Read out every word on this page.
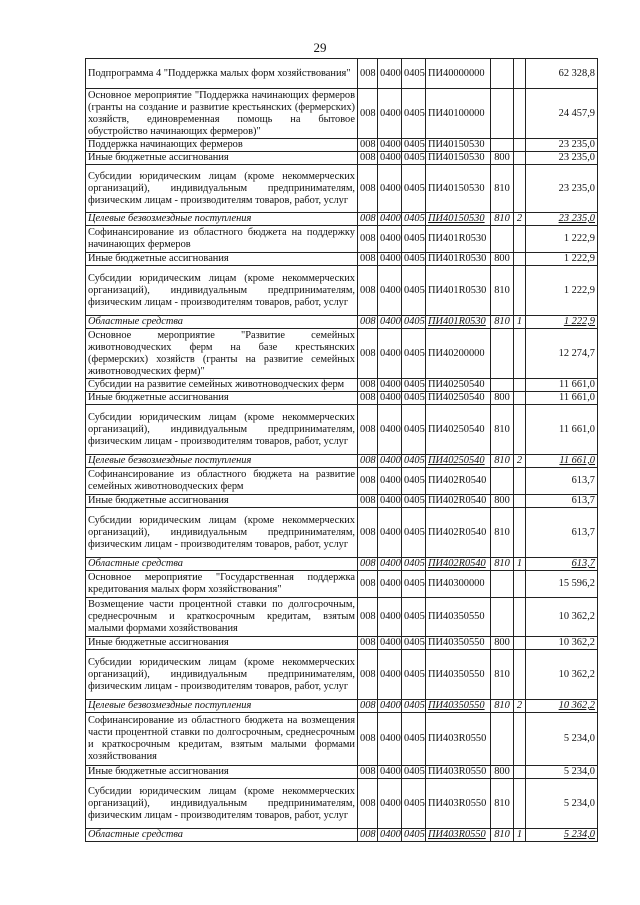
29
Подпрограмма 4 "Поддержка малых форм хозяйствования"	008	0400	0405	ПИ40000000			62 328,8
Основное мероприятие "Поддержка начинающих фермеров (гранты на создание и развитие крестьянских (фермерских) хозяйств, единовременная помощь на бытовое обустройство начинающих фермеров)"	008	0400	0405	ПИ40100000			24 457,9
Поддержка начинающих фермеров	008	0400	0405	ПИ40150530			23 235,0
Иные бюджетные ассигнования	008	0400	0405	ПИ40150530	800		23 235,0
Субсидии юридическим лицам (кроме некоммерческих организаций), индивидуальным предпринимателям, физическим лицам - производителям товаров, работ, услуг	008	0400	0405	ПИ40150530	810		23 235,0
Целевые безвозмездные поступления	008	0400	0405	ПИ40150530	810	2	23 235,0
Софинансирование из областного бюджета на поддержку начинающих фермеров	008	0400	0405	ПИ401R0530			1 222,9
Иные бюджетные ассигнования	008	0400	0405	ПИ401R0530	800		1 222,9
Субсидии юридическим лицам (кроме некоммерческих организаций), индивидуальным предпринимателям, физическим лицам - производителям товаров, работ, услуг	008	0400	0405	ПИ401R0530	810		1 222,9
Областные средства	008	0400	0405	ПИ401R0530	810	1	1 222,9
Основное мероприятие "Развитие семейных животноводческих ферм на базе крестьянских (фермерских) хозяйств (гранты на развитие семейных животноводческих ферм)"	008	0400	0405	ПИ40200000			12 274,7
Субсидии на развитие семейных животноводческих ферм	008	0400	0405	ПИ40250540			11 661,0
Иные бюджетные ассигнования	008	0400	0405	ПИ40250540	800		11 661,0
Субсидии юридическим лицам (кроме некоммерческих организаций), индивидуальным предпринимателям, физическим лицам - производителям товаров, работ, услуг	008	0400	0405	ПИ40250540	810		11 661,0
Целевые безвозмездные поступления	008	0400	0405	ПИ40250540	810	2	11 661,0
Софинансирование из областного бюджета на развитие семейных животноводческих ферм	008	0400	0405	ПИ402R0540			613,7
Иные бюджетные ассигнования	008	0400	0405	ПИ402R0540	800		613,7
Субсидии юридическим лицам (кроме некоммерческих организаций), индивидуальным предпринимателям, физическим лицам - производителям товаров, работ, услуг	008	0400	0405	ПИ402R0540	810		613,7
Областные средства	008	0400	0405	ПИ402R0540	810	1	613,7
Основное мероприятие "Государственная поддержка кредитования малых форм хозяйствования"	008	0400	0405	ПИ40300000			15 596,2
Возмещение части процентной ставки по долгосрочным, среднесрочным и краткосрочным кредитам, взятым малыми формами хозяйствования	008	0400	0405	ПИ40350550			10 362,2
Иные бюджетные ассигнования	008	0400	0405	ПИ40350550	800		10 362,2
Субсидии юридическим лицам (кроме некоммерческих организаций), индивидуальным предпринимателям, физическим лицам - производителям товаров, работ, услуг	008	0400	0405	ПИ40350550	810		10 362,2
Целевые безвозмездные поступления	008	0400	0405	ПИ40350550	810	2	10 362,2
Софинансирование из областного бюджета на возмещения части процентной ставки по долгосрочным, среднесрочным и краткосрочным кредитам, взятым малыми формами хозяйствования	008	0400	0405	ПИ403R0550			5 234,0
Иные бюджетные ассигнования	008	0400	0405	ПИ403R0550	800		5 234,0
Субсидии юридическим лицам (кроме некоммерческих организаций), индивидуальным предпринимателям, физическим лицам - производителям товаров, работ, услуг	008	0400	0405	ПИ403R0550	810		5 234,0
Областные средства	008	0400	0405	ПИ403R0550	810	1	5 234,0
